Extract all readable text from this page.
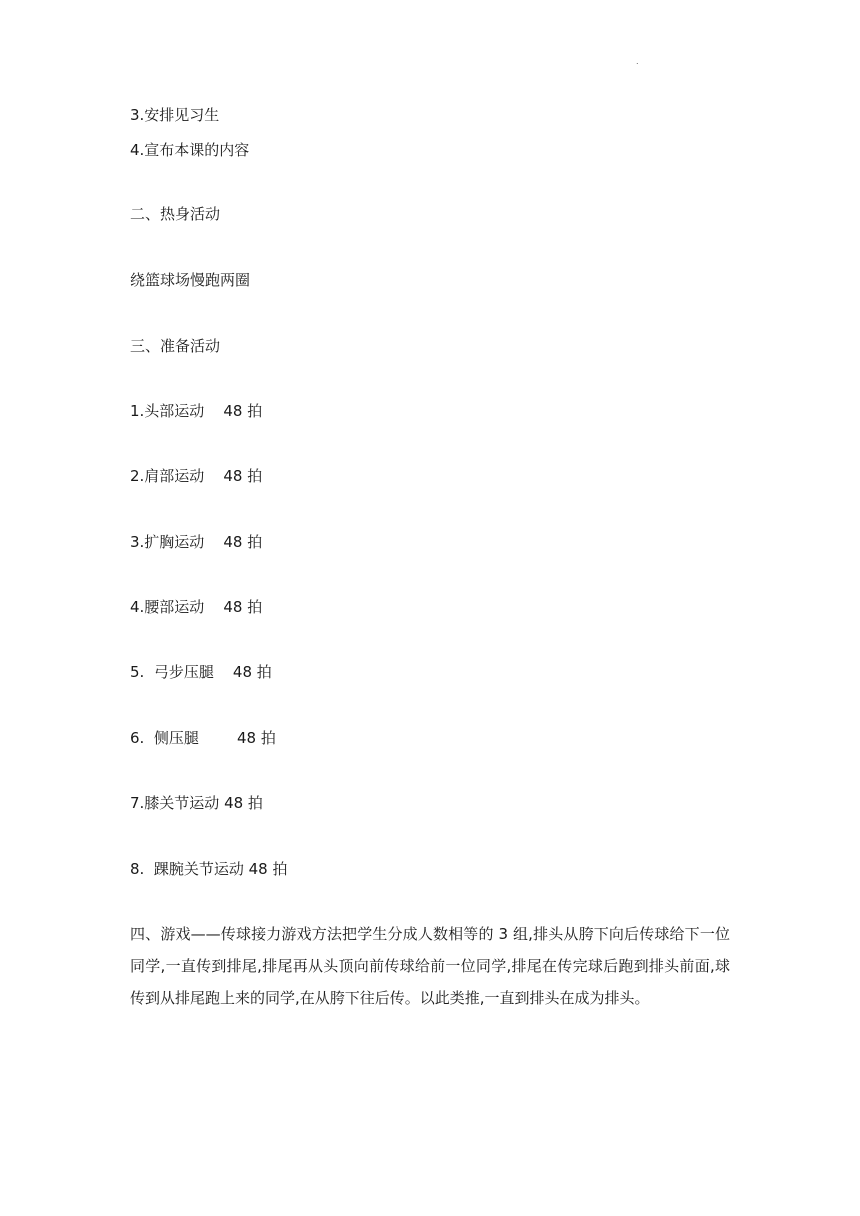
.
3.安排见习生
4.宣布本课的内容
二、热身活动
绕篮球场慢跑两圈
三、准备活动
1.头部运动    48 拍
2.肩部运动    48 拍
3.扩胸运动    48 拍
4.腰部运动    48 拍
5.  弓步压腿    48 拍
6.  侧压腿        48 拍
7.膝关节运动 48 拍
8.  踝腕关节运动 48 拍
四、游戏——传球接力游戏方法把学生分成人数相等的 3 组,排头从胯下向后传球给下一位同学,一直传到排尾,排尾再从头顶向前传球给前一位同学,排尾在传完球后跑到排头前面,球传到从排尾跑上来的同学,在从胯下往后传。以此类推,一直到排头在成为排头。
